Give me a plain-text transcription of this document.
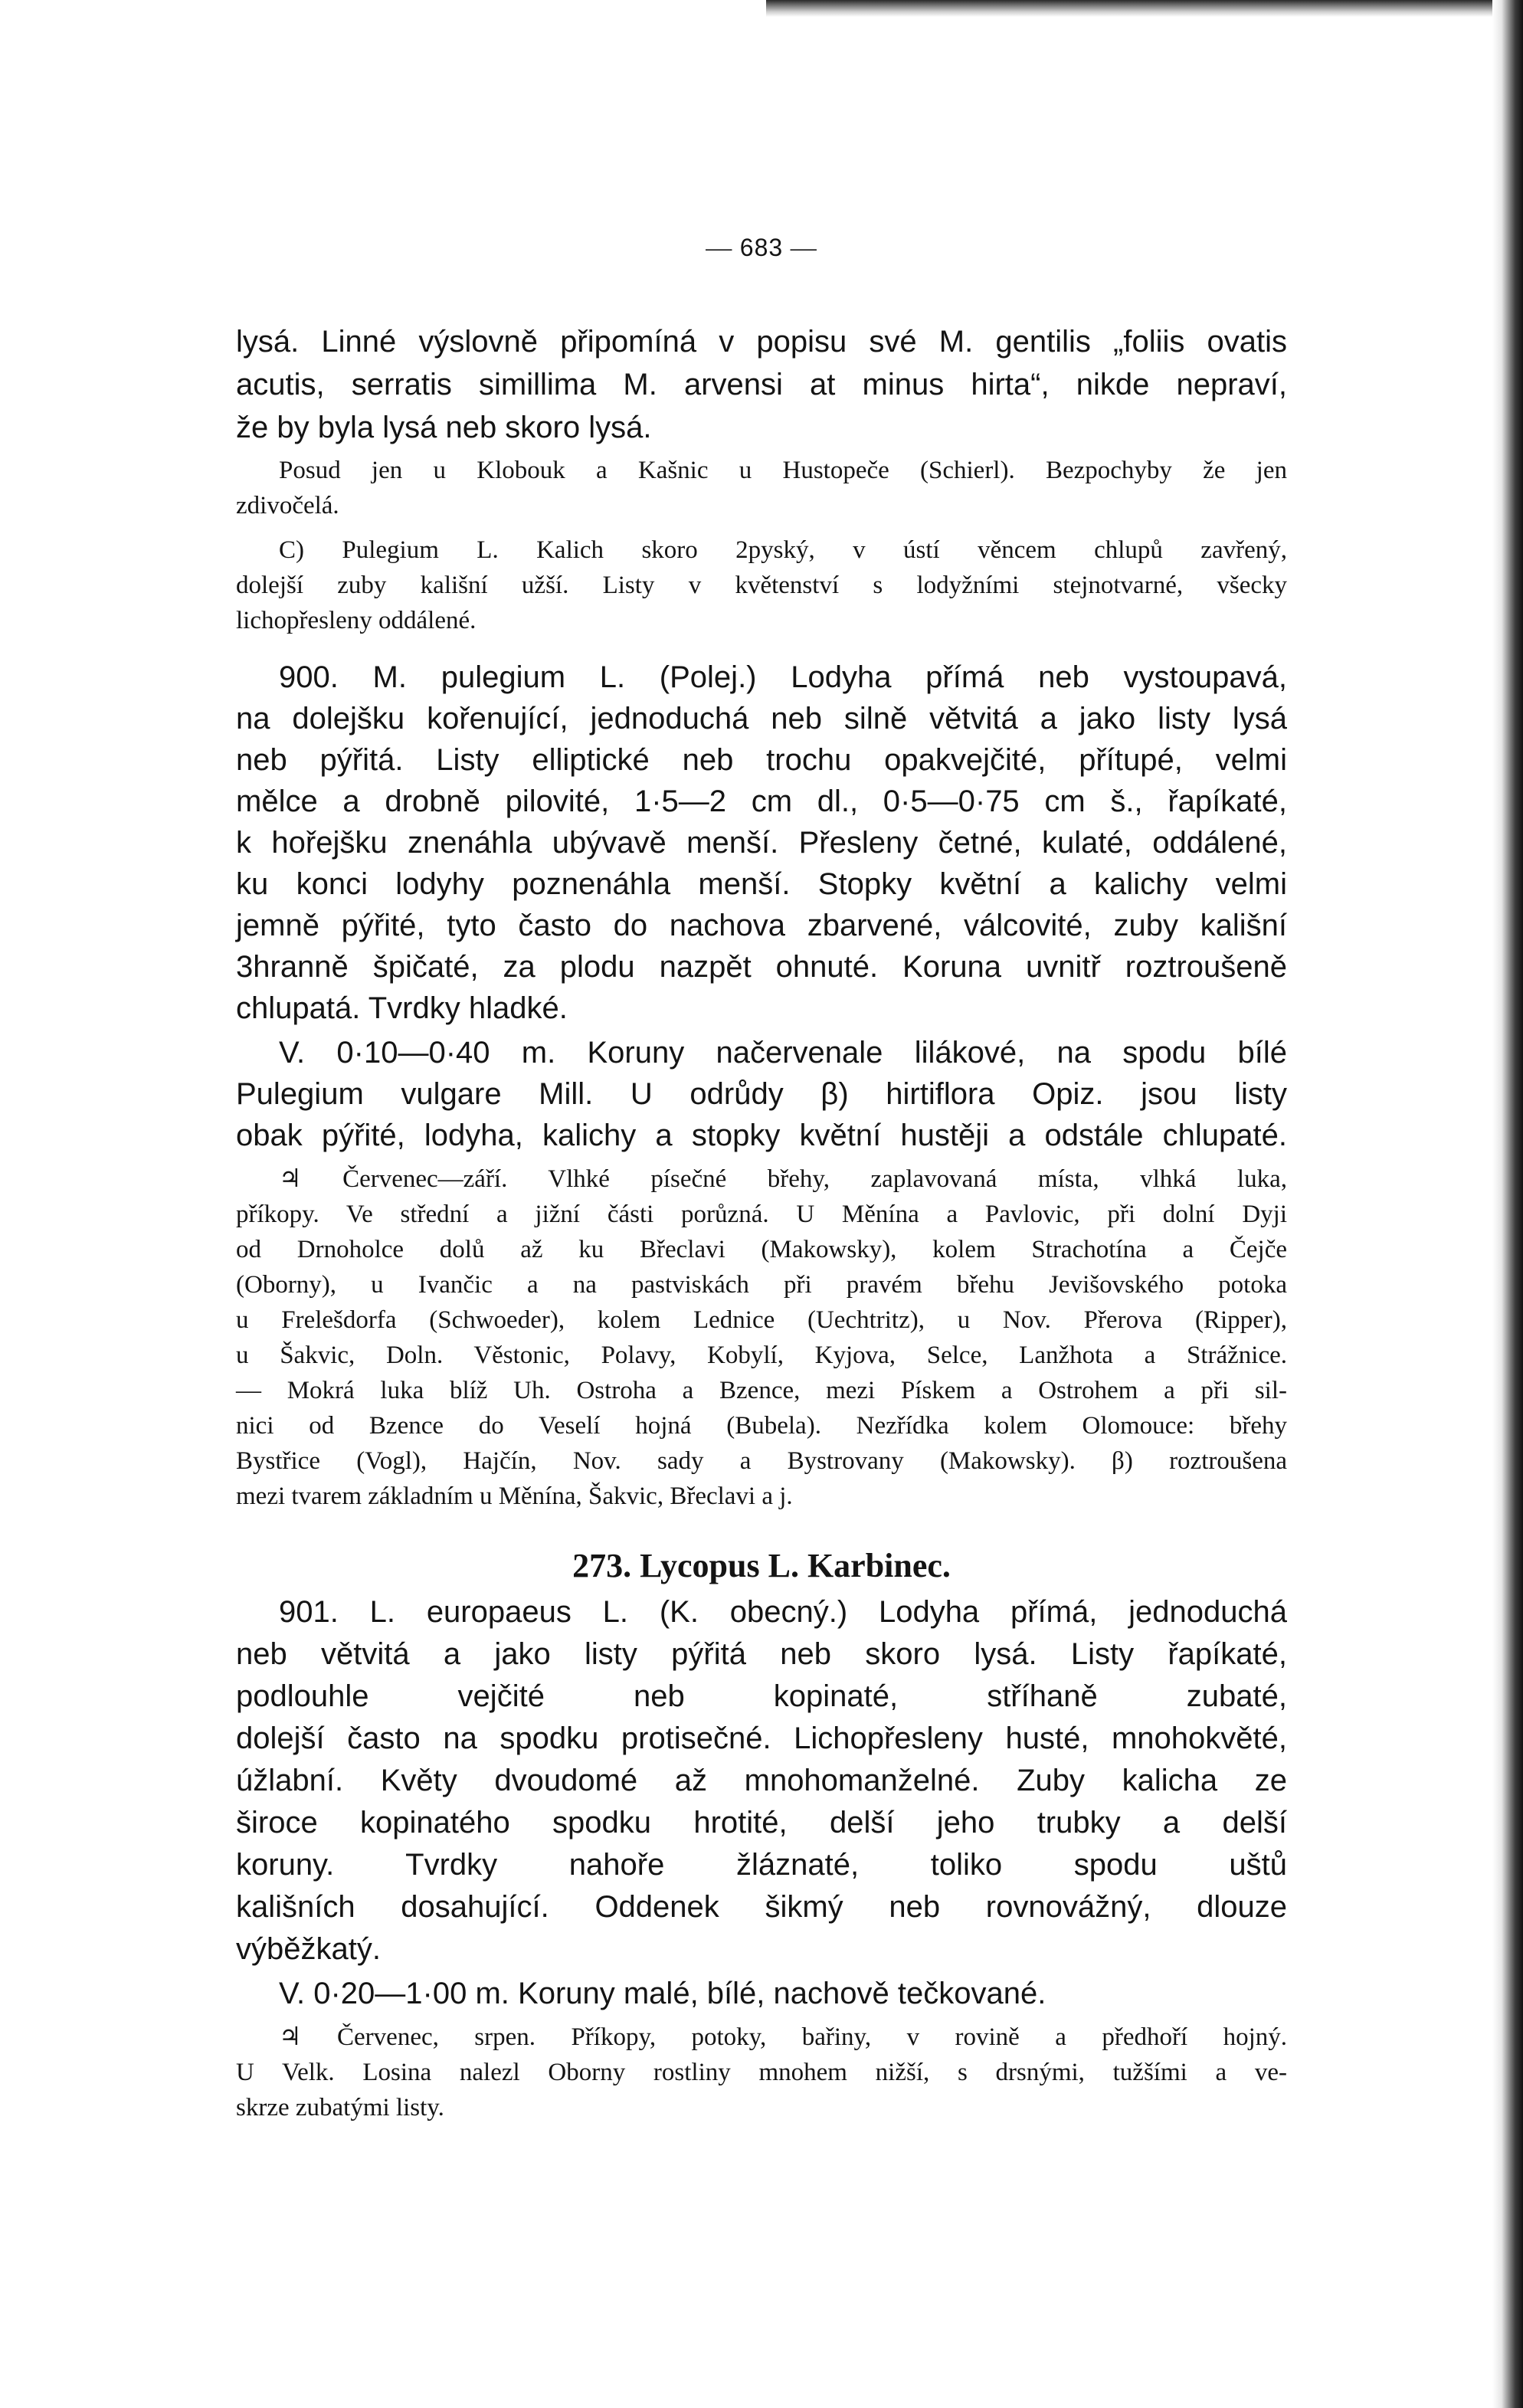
— 683 —
lysá. Linné výslovně připomíná v popisu své M. gentilis „foliis ovatis
acutis, serratis simillima M. arvensi at minus hirta“, nikde nepraví,
že by byla lysá neb skoro lysá.
Posud jen u Klobouk a Kašnic u Hustopeče (Schierl). Bezpochyby že jen
zdivočelá.
C) Pulegium L. Kalich skoro 2pyský, v ústí věncem chlupů zavřený,
dolejší zuby kališní užší. Listy v květenství s lodyžními stejnotvarné, všecky
lichopřesleny oddálené.
900. M. pulegium L. (Polej.) Lodyha přímá neb vystoupavá,
na dolejšku kořenující, jednoduchá neb silně větvitá a jako listy lysá
neb pýřitá. Listy elliptické neb trochu opakvejčité, přítupé, velmi
mělce a drobně pilovité, 1·5—2 cm dl., 0·5—0·75 cm š., řapíkaté,
k hořejšku znenáhla ubývavě menší. Přesleny četné, kulaté, oddálené,
ku konci lodyhy poznenáhla menší. Stopky květní a kalichy velmi
jemně pýřité, tyto často do nachova zbarvené, válcovité, zuby kališní
3hranně špičaté, za plodu nazpět ohnuté. Koruna uvnitř roztroušeně
chlupatá. Tvrdky hladké.
V. 0·10—0·40 m. Koruny načervenale lilákové, na spodu bílé
Pulegium vulgare Mill. U odrůdy β) hirtiflora Opiz. jsou listy
obak pýřité, lodyha, kalichy a stopky květní hustěji a odstále chlupaté.
♃ Červenec—září. Vlhké písečné břehy, zaplavovaná místa, vlhká luka,
příkopy. Ve střední a jižní části porůzná. U Měnína a Pavlovic, při dolní Dyji
od Drnoholce dolů až ku Břeclavi (Makowsky), kolem Strachotína a Čejče
(Oborny), u Ivančic a na pastviskách při pravém břehu Jevišovského potoka
u Frelešdorfa (Schwoeder), kolem Lednice (Uechtritz), u Nov. Přerova (Ripper),
u Šakvic, Doln. Věstonic, Polavy, Kobylí, Kyjova, Selce, Lanžhota a Strážnice.
— Mokrá luka blíž Uh. Ostroha a Bzence, mezi Pískem a Ostrohem a při sil-
nici od Bzence do Veselí hojná (Bubela). Nezřídka kolem Olomouce: břehy
Bystřice (Vogl), Hajčín, Nov. sady a Bystrovany (Makowsky). β) roztroušena
mezi tvarem základním u Měnína, Šakvic, Břeclavi a j.
273. Lycopus L. Karbinec.
901. L. europaeus L. (K. obecný.) Lodyha přímá, jednoduchá
neb větvitá a jako listy pýřitá neb skoro lysá. Listy řapíkaté,
podlouhle vejčité neb kopinaté, stříhaně zubaté,
dolejší často na spodku protisečné. Lichopřesleny husté, mnohokvěté,
úžlabní. Květy dvoudomé až mnohomanželné. Zuby kalicha ze
široce kopinatého spodku hrotité, delší jeho trubky a delší
koruny. Tvrdky nahoře žláznaté, toliko spodu uštů
kališních dosahující. Oddenek šikmý neb rovnovážný, dlouze
výběžkatý.
V. 0·20—1·00 m. Koruny malé, bílé, nachově tečkované.
♃ Červenec, srpen. Příkopy, potoky, bařiny, v rovině a předhoří hojný.
U Velk. Losina nalezl Oborny rostliny mnohem nižší, s drsnými, tužšími a ve-
skrze zubatými listy.
